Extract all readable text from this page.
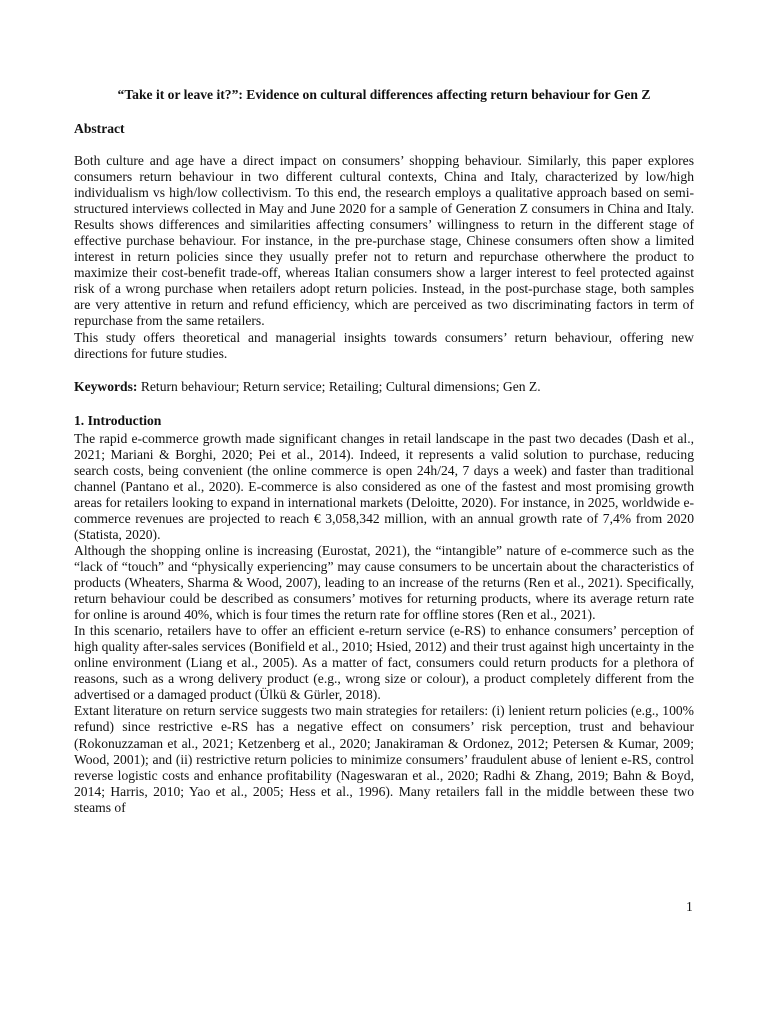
“Take it or leave it?”: Evidence on cultural differences affecting return behaviour for Gen Z

Abstract

Both culture and age have a direct impact on consumers’ shopping behaviour. Similarly, this paper explores consumers return behaviour in two different cultural contexts, China and Italy, characterized by low/high individualism vs high/low collectivism. To this end, the research employs a qualitative approach based on semi-structured interviews collected in May and June 2020 for a sample of Generation Z consumers in China and Italy. Results shows differences and similarities affecting consumers’ willingness to return in the different stage of effective purchase behaviour. For instance, in the pre-purchase stage, Chinese consumers often show a limited interest in return policies since they usually prefer not to return and repurchase otherwhere the product to maximize their cost-benefit trade-off, whereas Italian consumers show a larger interest to feel protected against risk of a wrong purchase when retailers adopt return policies. Instead, in the post-purchase stage, both samples are very attentive in return and refund efficiency, which are perceived as two discriminating factors in term of repurchase from the same retailers.

This study offers theoretical and managerial insights towards consumers’ return behaviour, offering new directions for future studies.

Keywords: Return behaviour; Return service; Retailing; Cultural dimensions; Gen Z.

1. Introduction

The rapid e-commerce growth made significant changes in retail landscape in the past two decades (Dash et al., 2021; Mariani & Borghi, 2020; Pei et al., 2014). Indeed, it represents a valid solution to purchase, reducing search costs, being convenient (the online commerce is open 24h/24, 7 days a week) and faster than traditional channel (Pantano et al., 2020). E-commerce is also considered as one of the fastest and most promising growth areas for retailers looking to expand in international markets (Deloitte, 2020). For instance, in 2025, worldwide e-commerce revenues are projected to reach € 3,058,342 million, with an annual growth rate of 7,4% from 2020 (Statista, 2020).

Although the shopping online is increasing (Eurostat, 2021), the “intangible” nature of e-commerce such as the “lack of “touch” and “physically experiencing” may cause consumers to be uncertain about the characteristics of products (Wheaters, Sharma & Wood, 2007), leading to an increase of the returns (Ren et al., 2021). Specifically, return behaviour could be described as consumers’ motives for returning products, where its average return rate for online is around 40%, which is four times the return rate for offline stores (Ren et al., 2021).

In this scenario, retailers have to offer an efficient e-return service (e-RS) to enhance consumers’ perception of high quality after-sales services (Bonifield et al., 2010; Hsied, 2012) and their trust against high uncertainty in the online environment (Liang et al., 2005). As a matter of fact, consumers could return products for a plethora of reasons, such as a wrong delivery product (e.g., wrong size or colour), a product completely different from the advertised or a damaged product (Ülkü & Gürler, 2018).

Extant literature on return service suggests two main strategies for retailers: (i) lenient return policies (e.g., 100% refund) since restrictive e-RS has a negative effect on consumers’ risk perception, trust and behaviour (Rokonuzzaman et al., 2021; Ketzenberg et al., 2020; Janakiraman & Ordonez, 2012; Petersen & Kumar, 2009; Wood, 2001); and (ii) restrictive return policies to minimize consumers’ fraudulent abuse of lenient e-RS, control reverse logistic costs and enhance profitability (Nageswaran et al., 2020; Radhi & Zhang, 2019; Bahn & Boyd, 2014; Harris, 2010; Yao et al., 2005; Hess et al., 1996). Many retailers fall in the middle between these two steams of

1
